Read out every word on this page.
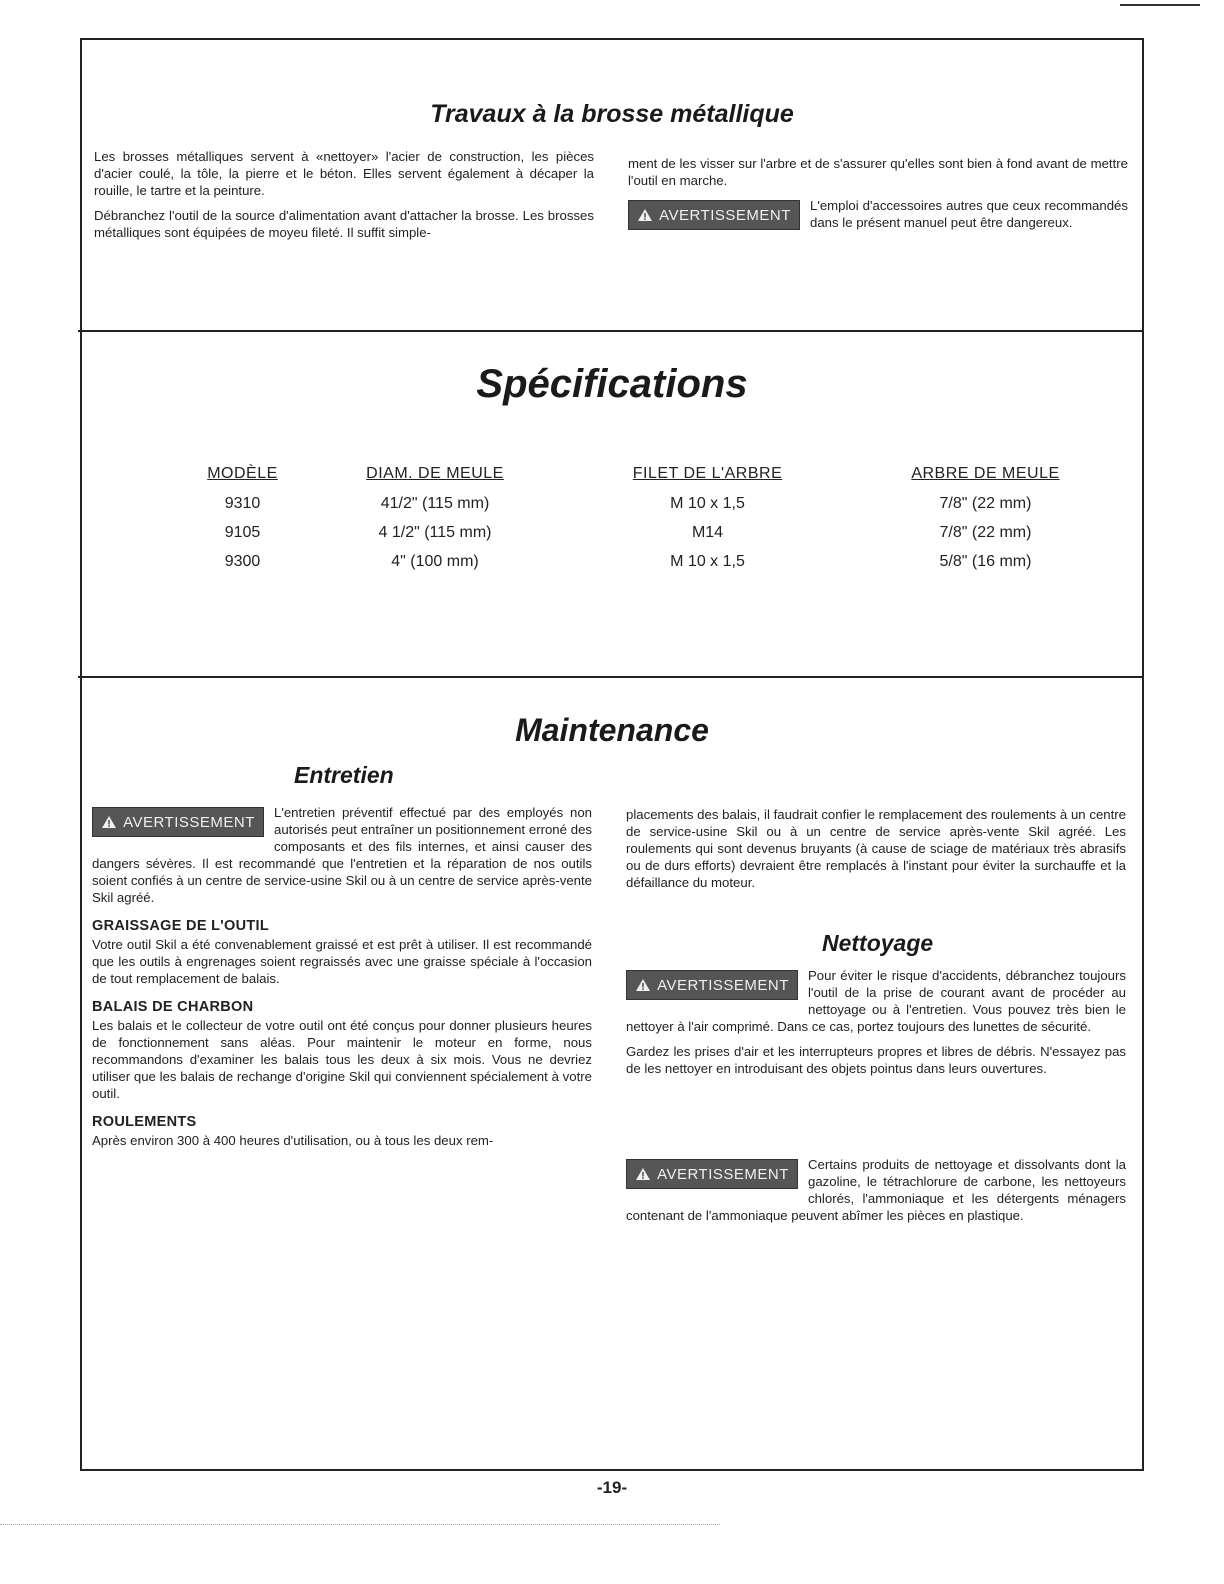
Travaux à la brosse métallique

Les brosses métalliques servent à «nettoyer» l'acier de construction, les pièces d'acier coulé, la tôle, la pierre et le béton. Elles servent également à décaper la rouille, le tartre et la peinture.

Débranchez l'outil de la source d'alimentation avant d'attacher la brosse. Les brosses métalliques sont équipées de moyeu fileté. Il suffit simple-

ment de les visser sur l'arbre et de s'assurer qu'elles sont bien à fond avant de mettre l'outil en marche.

AVERTISSEMENT
L'emploi d'accessoires autres que ceux recommandés dans le présent manuel peut être dangereux.
Spécifications
MODÈLE
9310
9105
9300
DIAM. DE MEULE
41/2" (115 mm)
4 1/2" (115 mm)
4" (100 mm)
FILET DE L'ARBRE
M 10 x 1,5
M14
M 10 x 1,5
ARBRE DE MEULE
7/8" (22 mm)
7/8" (22 mm)
5/8" (16 mm)
Maintenance
Entretien
AVERTISSEMENT
L'entretien préventif effectué par des employés non autorisés peut entraîner un positionnement erroné des composants et des fils internes, et ainsi causer des dangers sévères. Il est recommandé que l'entretien et la réparation de nos outils soient confiés à un centre de service-usine Skil ou à un centre de service après-vente Skil agréé.
GRAISSAGE DE L'OUTIL
Votre outil Skil a été convenablement graissé et est prêt à utiliser. Il est recommandé que les outils à engrenages soient regraissés avec une graisse spéciale à l'occasion de tout remplacement de balais.
BALAIS DE CHARBON
Les balais et le collecteur de votre outil ont été conçus pour donner plusieurs heures de fonctionnement sans aléas. Pour maintenir le moteur en forme, nous recommandons d'examiner les balais tous les deux à six mois. Vous ne devriez utiliser que les balais de rechange d'origine Skil qui conviennent spécialement à votre outil.
ROULEMENTS
Après environ 300 à 400 heures d'utilisation, ou à tous les deux rem-

placements des balais, il faudrait confier le remplacement des roulements à un centre de service-usine Skil ou à un centre de service après-vente Skil agréé. Les roulements qui sont devenus bruyants (à cause de sciage de matériaux très abrasifs ou de durs efforts) devraient être remplacés à l'instant pour éviter la surchauffe et la défaillance du moteur.

Nettoyage
AVERTISSEMENT
Pour éviter le risque d'accidents, débranchez toujours l'outil de la prise de courant avant de procéder au nettoyage ou à l'entretien. Vous pouvez très bien le nettoyer à l'air comprimé. Dans ce cas, portez toujours des lunettes de sécurité.

Gardez les prises d'air et les interrupteurs propres et libres de débris. N'essayez pas de les nettoyer en introduisant des objets pointus dans leurs ouvertures.

AVERTISSEMENT
Certains produits de nettoyage et dissolvants dont la gazoline, le tétrachlorure de carbone, les nettoyeurs chlorés, l'ammoniaque et les détergents ménagers contenant de l'ammoniaque peuvent abîmer les pièces en plastique.
-19-
